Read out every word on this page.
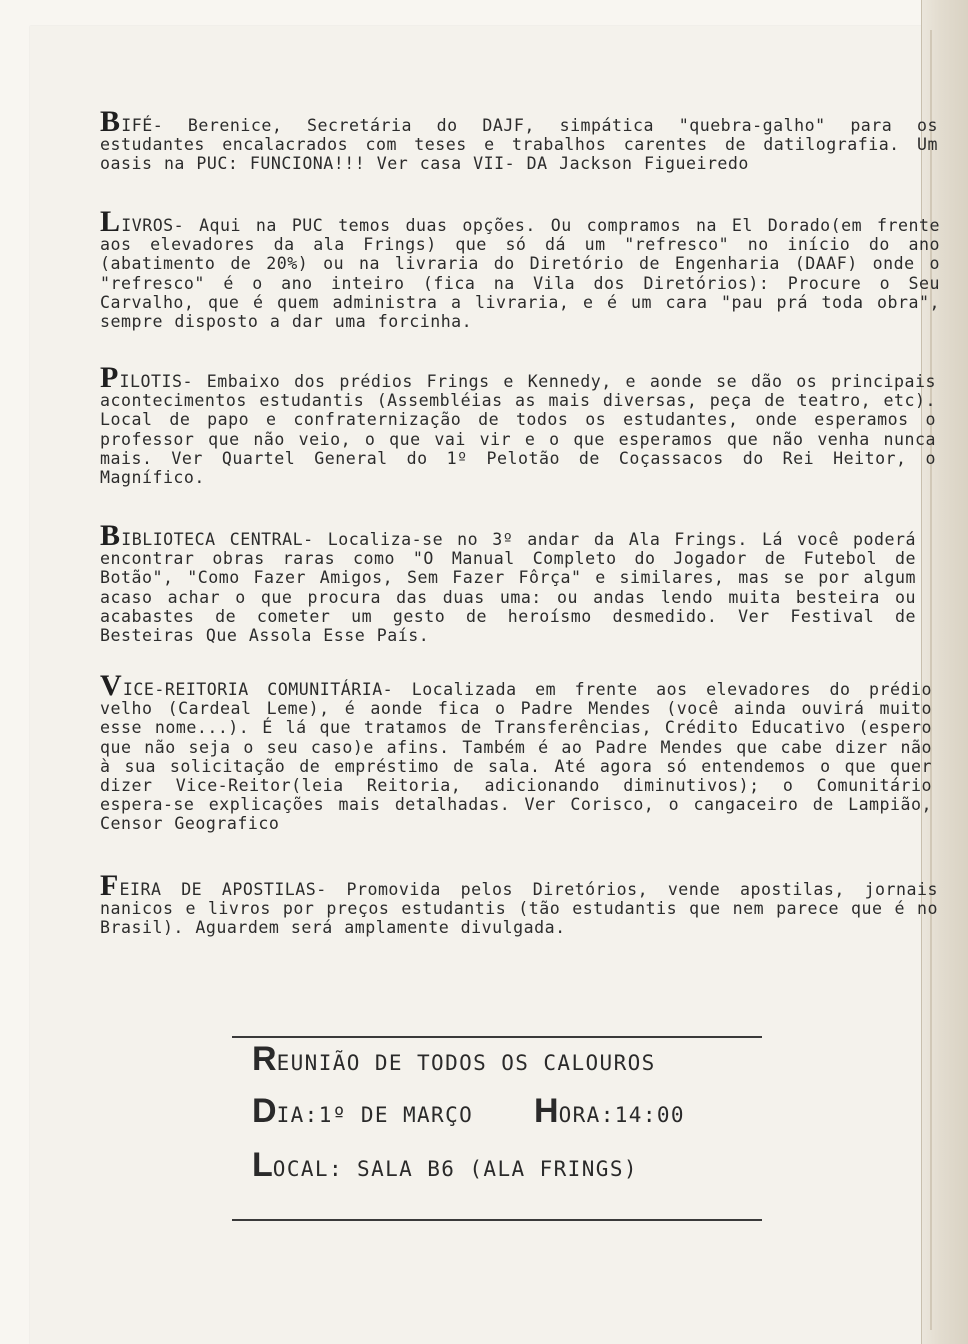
BIFÉ- Berenice, Secretária do DAJF, simpática "quebra-galho" para os estudantes encalacrados com teses e trabalhos carentes de datilografia. Um oasis na PUC: FUNCIONA!!! Ver casa VII- DA Jackson Figueiredo
LIVROS- Aqui na PUC temos duas opções. Ou compramos na El Dorado(em frente aos elevadores da ala Frings) que só dá um "refresco" no início do ano (abatimento de 20%) ou na livraria do Diretório de Engenharia (DAAF) onde o "refresco" é o ano inteiro (fica na Vila dos Diretórios): Procure o Seu Carvalho, que é quem administra a livraria, e é um cara "pau prá toda obra", sempre disposto a dar uma forcinha.
PILOTIS- Embaixo dos prédios Frings e Kennedy, e aonde se dão os principais acontecimentos estudantis (Assembléias as mais diversas, peça de teatro, etc). Local de papo e confraternização de todos os estudantes, onde esperamos o professor que não veio, o que vai vir e o que esperamos que não venha nunca mais. Ver Quartel General do 1º Pelotão de Coçassacos do Rei Heitor, o Magnífico.
BIBLIOTECA CENTRAL- Localiza-se no 3º andar da Ala Frings. Lá você poderá encontrar obras raras como "O Manual Completo do Jogador de Futebol de Botão", "Como Fazer Amigos, Sem Fazer Fôrça" e similares, mas se por algum acaso achar o que procura das duas uma: ou andas lendo muita besteira ou acabastes de cometer um gesto de heroísmo desmedido. Ver Festival de Besteiras Que Assola Esse País.
VICE-REITORIA COMUNITÁRIA- Localizada em frente aos elevadores do prédio velho (Cardeal Leme), é aonde fica o Padre Mendes (você ainda ouvirá muito esse nome...). É lá que tratamos de Transferências, Crédito Educativo (espero que não seja o seu caso)e afins. Também é ao Padre Mendes que cabe dizer não à sua solicitação de empréstimo de sala. Até agora só entendemos o que quer dizer Vice-Reitor(leia Reitoria, adicionando diminutivos); o Comunitário espera-se explicações mais detalhadas. Ver Corisco, o cangaceiro de Lampião, Censor Geografico
FEIRA DE APOSTILAS- Promovida pelos Diretórios, vende apostilas, jornais nanicos e livros por preços estudantis (tão estudantis que nem parece que é no Brasil). Aguardem será amplamente divulgada.
REUNIÃO DE TODOS OS CALOUROS
DIA:1º DE MARÇO HORA:14:00
LOCAL: SALA B6 (ALA FRINGS)
